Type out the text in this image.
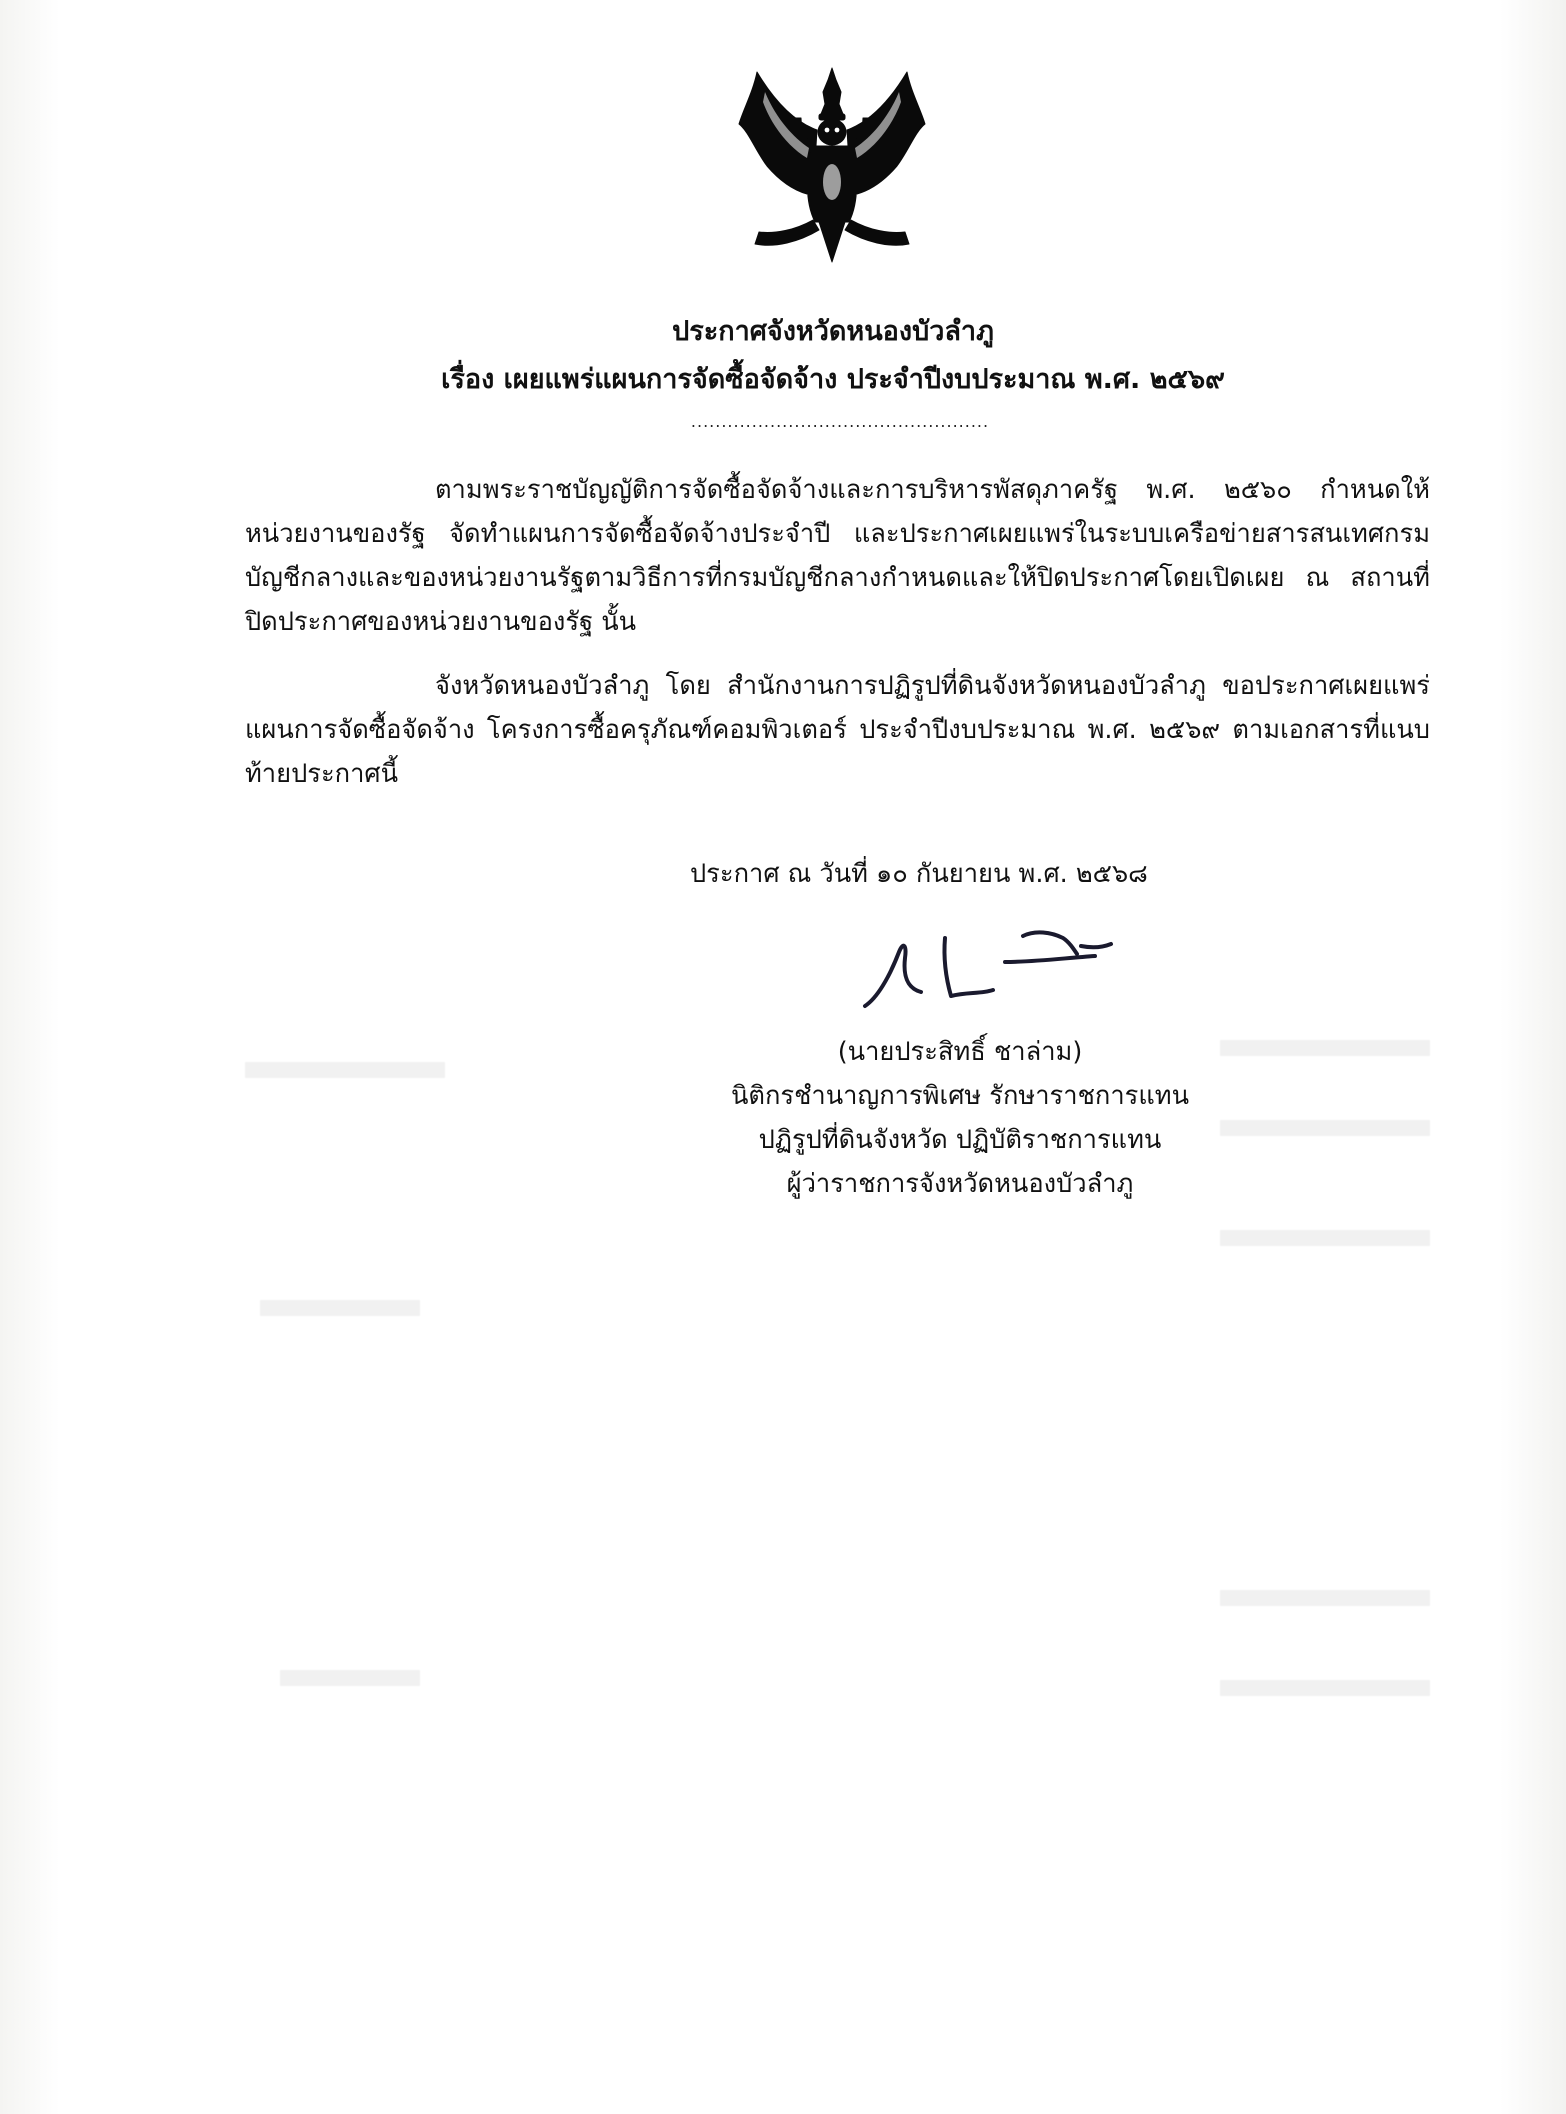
ประกาศจังหวัดหนองบัวลำภู
เรื่อง เผยแพร่แผนการจัดซื้อจัดจ้าง ประจำปีงบประมาณ พ.ศ. ๒๕๖๙
.................................................

ตามพระราชบัญญัติการจัดซื้อจัดจ้างและการบริหารพัสดุภาครัฐ พ.ศ. ๒๕๖๐ กำหนดให้หน่วยงานของรัฐ จัดทำแผนการจัดซื้อจัดจ้างประจำปี และประกาศเผยแพร่ในระบบเครือข่ายสารสนเทศกรมบัญชีกลางและของหน่วยงานรัฐตามวิธีการที่กรมบัญชีกลางกำหนดและให้ปิดประกาศโดยเปิดเผย ณ สถานที่ปิดประกาศของหน่วยงานของรัฐ นั้น

จังหวัดหนองบัวลำภู โดย สำนักงานการปฏิรูปที่ดินจังหวัดหนองบัวลำภู ขอประกาศเผยแพร่แผนการจัดซื้อจัดจ้าง โครงการซื้อครุภัณฑ์คอมพิวเตอร์ ประจำปีงบประมาณ พ.ศ. ๒๕๖๙ ตามเอกสารที่แนบท้ายประกาศนี้

ประกาศ ณ วันที่ ๑๐ กันยายน พ.ศ. ๒๕๖๘
(นายประสิทธิ์ ชาล่าม)
นิติกรชำนาญการพิเศษ รักษาราชการแทน
ปฏิรูปที่ดินจังหวัด ปฏิบัติราชการแทน
ผู้ว่าราชการจังหวัดหนองบัวลำภู
